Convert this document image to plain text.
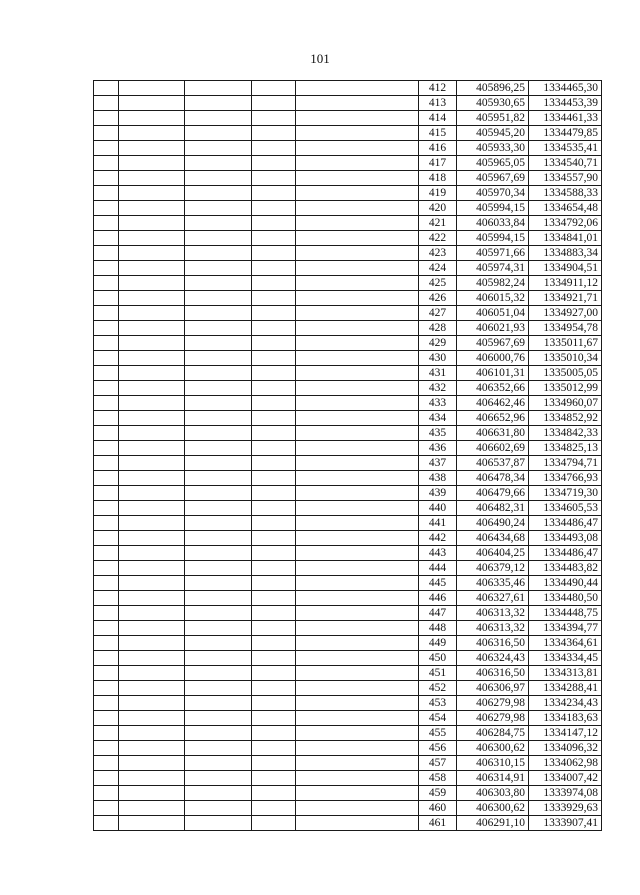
101
					412	405896,25	1334465,30
					413	405930,65	1334453,39
					414	405951,82	1334461,33
					415	405945,20	1334479,85
					416	405933,30	1334535,41
					417	405965,05	1334540,71
					418	405967,69	1334557,90
					419	405970,34	1334588,33
					420	405994,15	1334654,48
					421	406033,84	1334792,06
					422	405994,15	1334841,01
					423	405971,66	1334883,34
					424	405974,31	1334904,51
					425	405982,24	1334911,12
					426	406015,32	1334921,71
					427	406051,04	1334927,00
					428	406021,93	1334954,78
					429	405967,69	1335011,67
					430	406000,76	1335010,34
					431	406101,31	1335005,05
					432	406352,66	1335012,99
					433	406462,46	1334960,07
					434	406652,96	1334852,92
					435	406631,80	1334842,33
					436	406602,69	1334825,13
					437	406537,87	1334794,71
					438	406478,34	1334766,93
					439	406479,66	1334719,30
					440	406482,31	1334605,53
					441	406490,24	1334486,47
					442	406434,68	1334493,08
					443	406404,25	1334486,47
					444	406379,12	1334483,82
					445	406335,46	1334490,44
					446	406327,61	1334480,50
					447	406313,32	1334448,75
					448	406313,32	1334394,77
					449	406316,50	1334364,61
					450	406324,43	1334334,45
					451	406316,50	1334313,81
					452	406306,97	1334288,41
					453	406279,98	1334234,43
					454	406279,98	1334183,63
					455	406284,75	1334147,12
					456	406300,62	1334096,32
					457	406310,15	1334062,98
					458	406314,91	1334007,42
					459	406303,80	1333974,08
					460	406300,62	1333929,63
					461	406291,10	1333907,41
